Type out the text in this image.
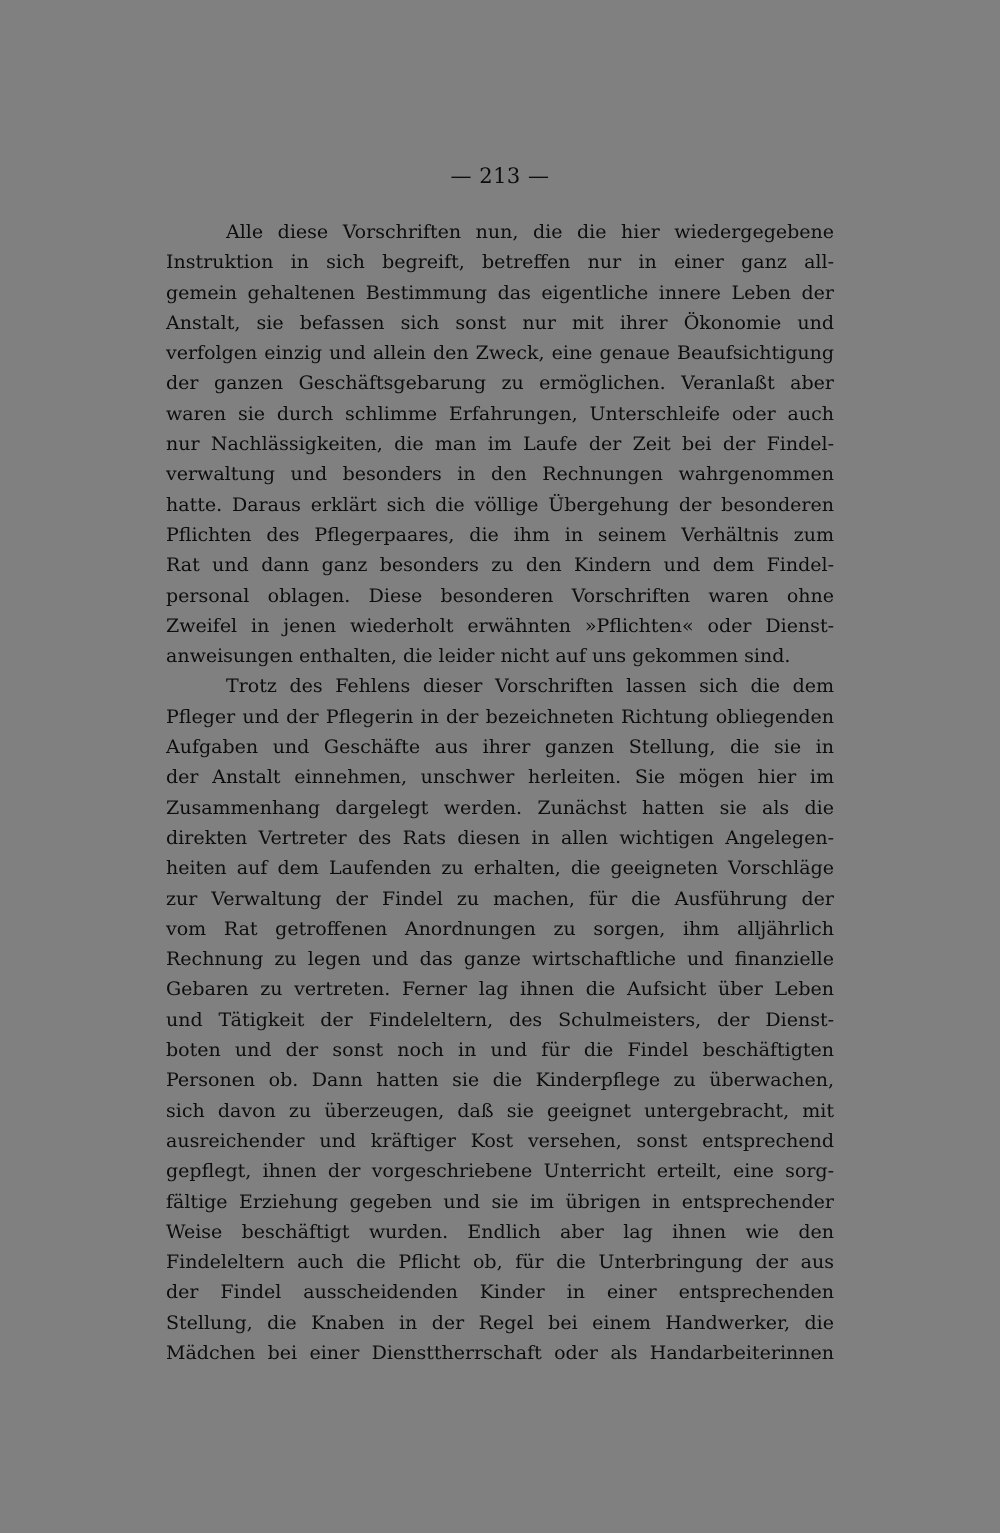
— 213 —
Alle diese Vorschriften nun, die die hier wiedergegebene
Instruktion in sich begreift, betreffen nur in einer ganz all-
gemein gehaltenen Bestimmung das eigentliche innere Leben der
Anstalt, sie befassen sich sonst nur mit ihrer Ökonomie und
verfolgen einzig und allein den Zweck, eine genaue Beaufsichtigung
der ganzen Geschäftsgebarung zu ermöglichen. Veranlaßt aber
waren sie durch schlimme Erfahrungen, Unterschleife oder auch
nur Nachlässigkeiten, die man im Laufe der Zeit bei der Findel-
verwaltung und besonders in den Rechnungen wahrgenommen
hatte. Daraus erklärt sich die völlige Übergehung der besonderen
Pflichten des Pflegerpaares, die ihm in seinem Verhältnis zum
Rat und dann ganz besonders zu den Kindern und dem Findel-
personal oblagen. Diese besonderen Vorschriften waren ohne
Zweifel in jenen wiederholt erwähnten »Pflichten« oder Dienst-
anweisungen enthalten, die leider nicht auf uns gekommen sind.
Trotz des Fehlens dieser Vorschriften lassen sich die dem
Pfleger und der Pflegerin in der bezeichneten Richtung obliegenden
Aufgaben und Geschäfte aus ihrer ganzen Stellung, die sie in
der Anstalt einnehmen, unschwer herleiten. Sie mögen hier im
Zusammenhang dargelegt werden. Zunächst hatten sie als die
direkten Vertreter des Rats diesen in allen wichtigen Angelegen-
heiten auf dem Laufenden zu erhalten, die geeigneten Vorschläge
zur Verwaltung der Findel zu machen, für die Ausführung der
vom Rat getroffenen Anordnungen zu sorgen, ihm alljährlich
Rechnung zu legen und das ganze wirtschaftliche und finanzielle
Gebaren zu vertreten. Ferner lag ihnen die Aufsicht über Leben
und Tätigkeit der Findeleltern, des Schulmeisters, der Dienst-
boten und der sonst noch in und für die Findel beschäftigten
Personen ob. Dann hatten sie die Kinderpflege zu überwachen,
sich davon zu überzeugen, daß sie geeignet untergebracht, mit
ausreichender und kräftiger Kost versehen, sonst entsprechend
gepflegt, ihnen der vorgeschriebene Unterricht erteilt, eine sorg-
fältige Erziehung gegeben und sie im übrigen in entsprechender
Weise beschäftigt wurden. Endlich aber lag ihnen wie den
Findeleltern auch die Pflicht ob, für die Unterbringung der aus
der Findel ausscheidenden Kinder in einer entsprechenden
Stellung, die Knaben in der Regel bei einem Handwerker, die
Mädchen bei einer Diensttherrschaft oder als Handarbeiterinnen
